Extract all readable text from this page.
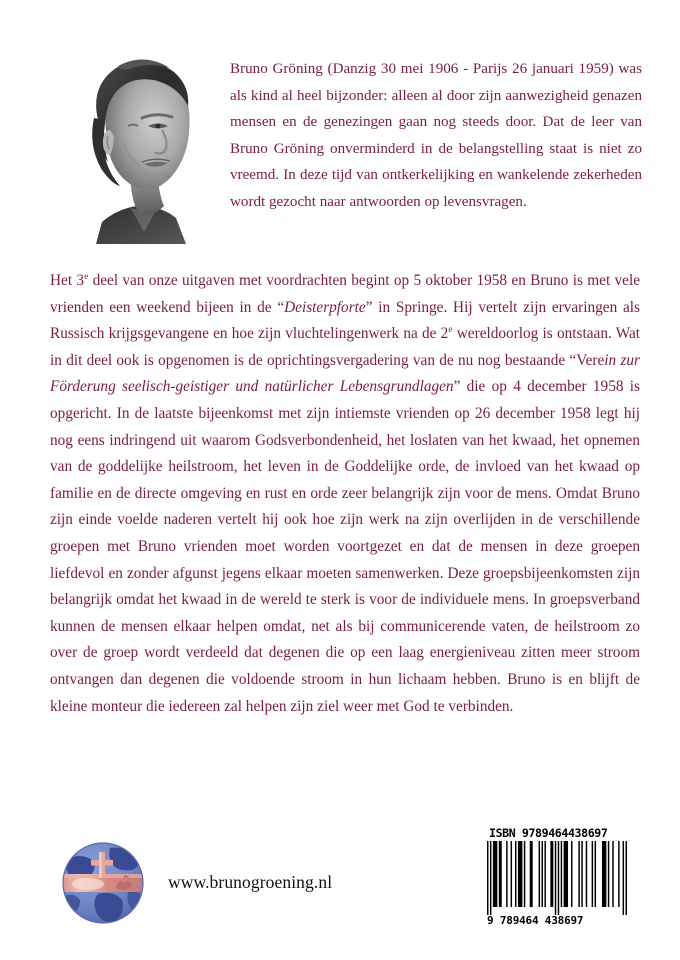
Bruno Gröning (Danzig 30 mei 1906 - Parijs 26 januari 1959) was als kind al heel bijzonder: alleen al door zijn aanwezigheid genazen mensen en de genezingen gaan nog steeds door. Dat de leer van Bruno Gröning onverminderd in de belangstelling staat is niet zo vreemd. In deze tijd van ontkerkelijking en wankelende zekerheden wordt gezocht naar antwoorden op levensvragen.
Het 3e deel van onze uitgaven met voordrachten begint op 5 oktober 1958 en Bruno is met vele vrienden een weekend bijeen in de “Deisterpforte” in Springe. Hij vertelt zijn ervaringen als Russisch krijgsgevangene en hoe zijn vluchtelingenwerk na de 2e wereldoorlog is ontstaan. Wat in dit deel ook is opgenomen is de oprichtingsvergadering van de nu nog bestaande “Verein zur Förderung seelisch-geistiger und natürlicher Lebensgrundlagen” die op 4 december 1958 is opgericht. In de laatste bijeenkomst met zijn intiemste vrienden op 26 december 1958 legt hij nog eens indringend uit waarom Godsverbondenheid, het loslaten van het kwaad, het opnemen van de goddelijke heilstroom, het leven in de Goddelijke orde, de invloed van het kwaad op familie en de directe omgeving en rust en orde zeer belangrijk zijn voor de mens. Omdat Bruno zijn einde voelde naderen vertelt hij ook hoe zijn werk na zijn overlijden in de verschillende groepen met Bruno vrienden moet worden voortgezet en dat de mensen in deze groepen liefdevol en zonder afgunst jegens elkaar moeten samenwerken. Deze groepsbijeenkomsten zijn belangrijk omdat het kwaad in de wereld te sterk is voor de individuele mens. In groepsverband kunnen de mensen elkaar helpen omdat, net als bij communicerende vaten, de heilstroom zo over de groep wordt verdeeld dat degenen die op een laag energieniveau zitten meer stroom ontvangen dan degenen die voldoende stroom in hun lichaam hebben. Bruno is en blijft de kleine monteur die iedereen zal helpen zijn ziel weer met God te verbinden.
www.brunogroening.nl
ISBN 9789464438697
9 789464 438697
